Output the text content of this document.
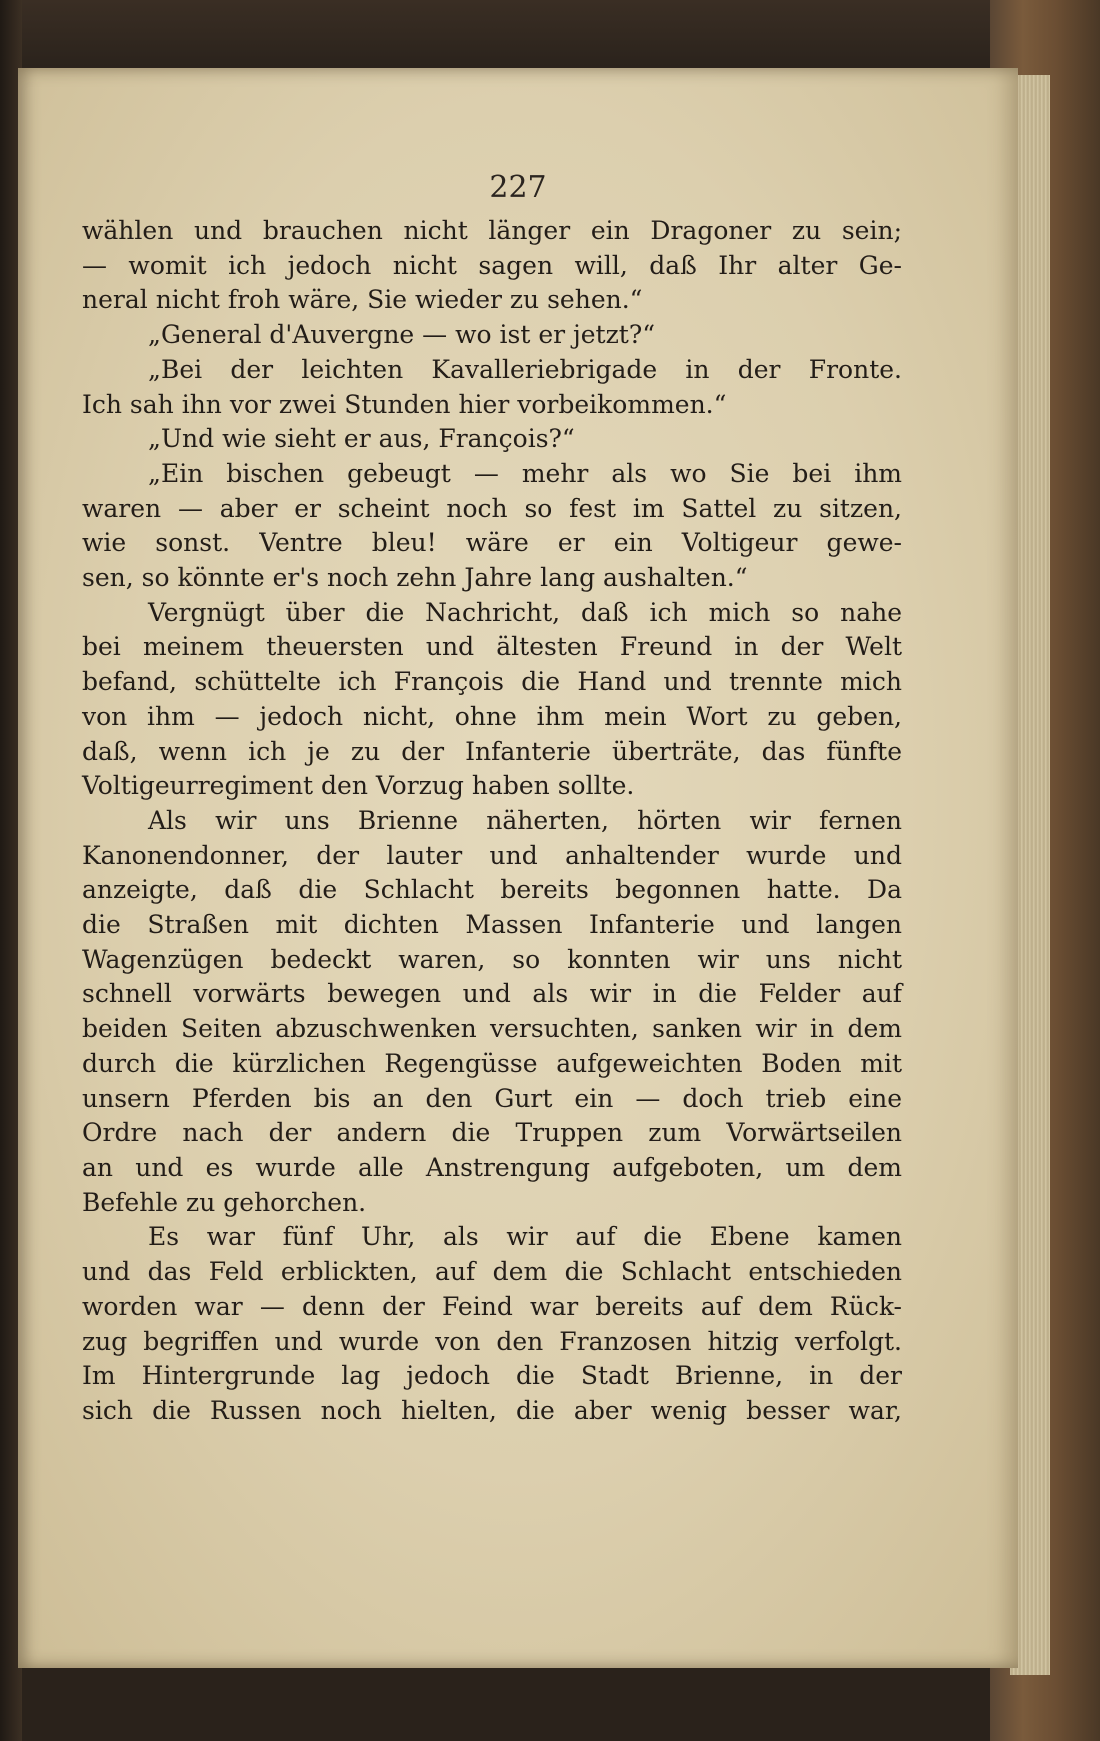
227
wählen und brauchen nicht länger ein Dragoner zu sein;
— womit ich jedoch nicht sagen will, daß Ihr alter Ge-
neral nicht froh wäre, Sie wieder zu sehen.“
„General d'Auvergne — wo ist er jetzt?“
„Bei der leichten Kavalleriebrigade in der Fronte.
Ich sah ihn vor zwei Stunden hier vorbeikommen.“
„Und wie sieht er aus, François?“
„Ein bischen gebeugt — mehr als wo Sie bei ihm
waren — aber er scheint noch so fest im Sattel zu sitzen,
wie sonst. Ventre bleu! wäre er ein Voltigeur gewe-
sen, so könnte er's noch zehn Jahre lang aushalten.“
Vergnügt über die Nachricht, daß ich mich so nahe
bei meinem theuersten und ältesten Freund in der Welt
befand, schüttelte ich François die Hand und trennte mich
von ihm — jedoch nicht, ohne ihm mein Wort zu geben,
daß, wenn ich je zu der Infanterie überträte, das fünfte
Voltigeurregiment den Vorzug haben sollte.
Als wir uns Brienne näherten, hörten wir fernen
Kanonendonner, der lauter und anhaltender wurde und
anzeigte, daß die Schlacht bereits begonnen hatte. Da
die Straßen mit dichten Massen Infanterie und langen
Wagenzügen bedeckt waren, so konnten wir uns nicht
schnell vorwärts bewegen und als wir in die Felder auf
beiden Seiten abzuschwenken versuchten, sanken wir in dem
durch die kürzlichen Regengüsse aufgeweichten Boden mit
unsern Pferden bis an den Gurt ein — doch trieb eine
Ordre nach der andern die Truppen zum Vorwärtseilen
an und es wurde alle Anstrengung aufgeboten, um dem
Befehle zu gehorchen.
Es war fünf Uhr, als wir auf die Ebene kamen
und das Feld erblickten, auf dem die Schlacht entschieden
worden war — denn der Feind war bereits auf dem Rück-
zug begriffen und wurde von den Franzosen hitzig verfolgt.
Im Hintergrunde lag jedoch die Stadt Brienne, in der
sich die Russen noch hielten, die aber wenig besser war,
